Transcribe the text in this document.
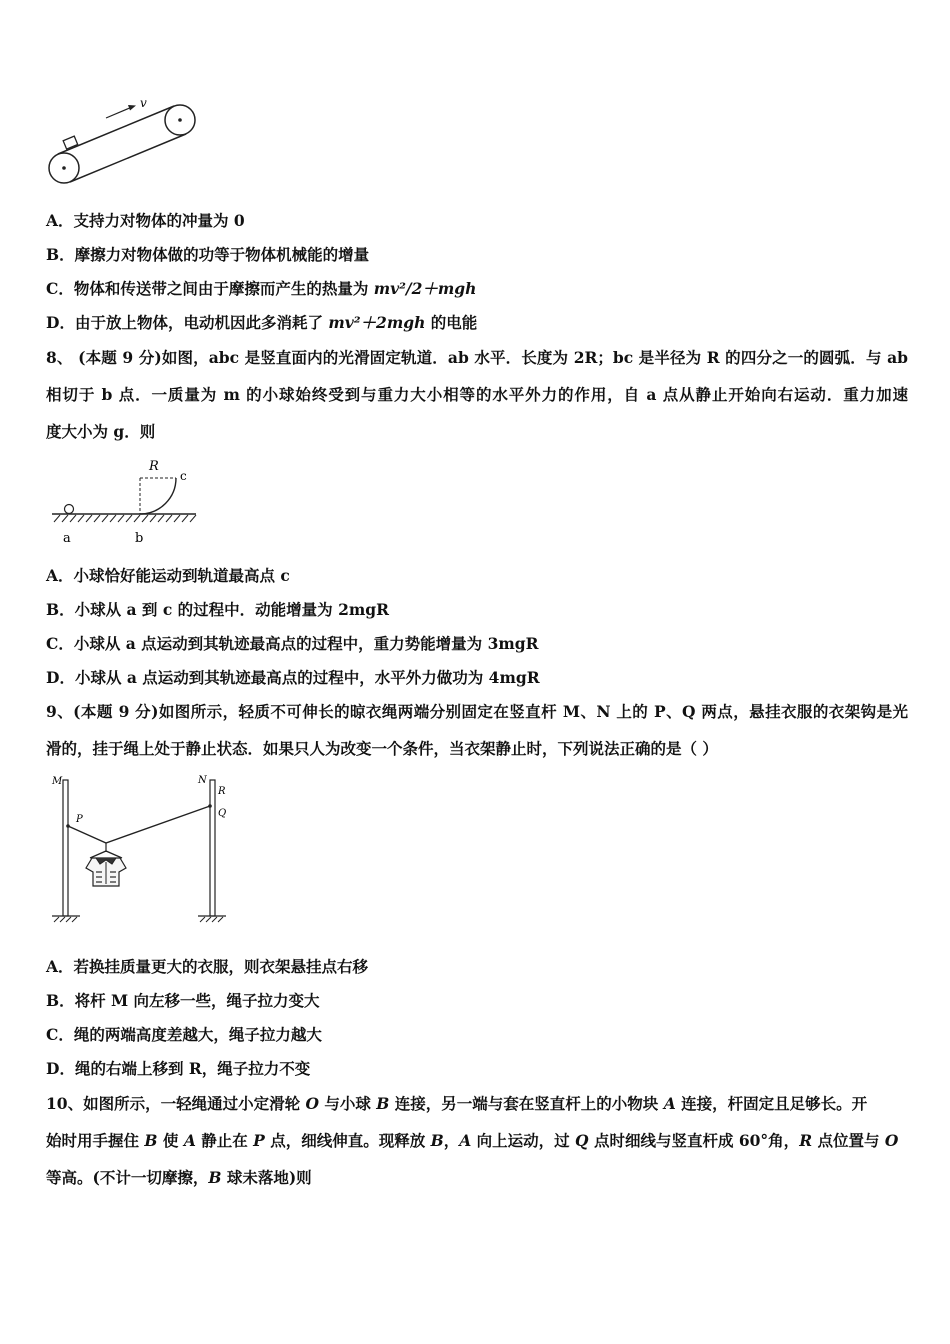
v
A．支持力对物体的冲量为 0
B．摩擦力对物体做的功等于物体机械能的增量
C．物体和传送带之间由于摩擦而产生的热量为 mv²/2＋mgh
D．由于放上物体，电动机因此多消耗了 mv²＋2mgh 的电能
8、 (本题 9 分)如图，abc 是竖直面内的光滑固定轨道．ab 水平．长度为 2R；bc 是半径为 R 的四分之一的圆弧．与 ab
相切于 b 点．一质量为 m 的小球始终受到与重力大小相等的水平外力的作用，自 a 点从静止开始向右运动．重力加速
度大小为 g．则
R
c
a	b
A．小球恰好能运动到轨道最高点 c
B．小球从 a 到 c 的过程中．动能增量为 2mgR
C．小球从 a 点运动到其轨迹最高点的过程中，重力势能增量为 3mgR
D．小球从 a 点运动到其轨迹最高点的过程中，水平外力做功为 4mgR
9、(本题 9 分)如图所示，轻质不可伸长的晾衣绳两端分别固定在竖直杆 M、N 上的 P、Q 两点，悬挂衣服的衣架钩是光
滑的，挂于绳上处于静止状态．如果只人为改变一个条件，当衣架静止时，下列说法正确的是（ ）
M	N
P
R
Q
A．若换挂质量更大的衣服，则衣架悬挂点右移
B．将杆 M 向左移一些，绳子拉力变大
C．绳的两端高度差越大，绳子拉力越大
D．绳的右端上移到 R，绳子拉力不变
10、如图所示，一轻绳通过小定滑轮 O 与小球 B 连接，另一端与套在竖直杆上的小物块 A 连接，杆固定且足够长。开
始时用手握住 B 使 A 静止在 P 点，细线伸直。现释放 B，A 向上运动，过 Q 点时细线与竖直杆成 60°角，R 点位置与 O
等高。(不计一切摩擦，B 球未落地)则
